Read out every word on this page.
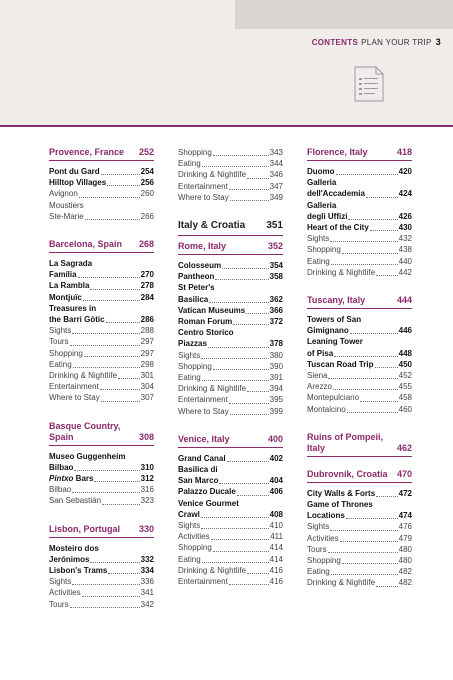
CONTENTS PLAN YOUR TRIP 3
Provence, France	252
Pont du Gard	254
Hilltop Villages	256
Avignon	260
Moustiers
Ste-Marie	266
Barcelona, Spain	268
La Sagrada
Família	270
La Rambla	278
Montjuïc	284
Treasures in
the Barri Gòtic	286
Sights	288
Tours	297
Shopping	297
Eating	298
Drinking & Nightlife	301
Entertainment	304
Where to Stay	307
Basque Country, Spain	308
Museo Guggenheim
Bilbao	310
Pintxo Bars	312
Bilbao	316
San Sebastián	323
Lisbon, Portugal	330
Mosteiro dos
Jerónimos	332
Lisbon's Trams	334
Sights	336
Activities	341
Tours	342
Shopping	343
Eating	344
Drinking & Nightlife	346
Entertainment	347
Where to Stay	349
Italy & Croatia 351
Rome, Italy	352
Colosseum	354
Pantheon	358
St Peter's
Basilica	362
Vatican Museums	366
Roman Forum	372
Centro Storico
Piazzas	378
Sights	380
Shopping	390
Eating	391
Drinking & Nightlife	394
Entertainment	395
Where to Stay	399
Venice, Italy	400
Grand Canal	402
Basilica di
San Marco	404
Palazzo Ducale	406
Venice Gourmet
Crawl	408
Sights	410
Activities	411
Shopping	414
Eating	414
Drinking & Nightlife	416
Entertainment	416
Florence, Italy	418
Duomo	420
Galleria
dell'Accademia	424
Galleria
degli Uffizi	426
Heart of the City	430
Sights	432
Shopping	438
Eating	440
Drinking & Nightlife	442
Tuscany, Italy	444
Towers of San
Gimignano	446
Leaning Tower
of Pisa	448
Tuscan Road Trip	450
Siena	452
Arezzo	455
Montepulciano	458
Montalcino	460
Ruins of Pompeii, Italy	462
Dubrovnik, Croatia	470
City Walls & Forts	472
Game of Thrones
Locations	474
Sights	476
Activities	479
Tours	480
Shopping	480
Eating	482
Drinking & Nightlife	482
